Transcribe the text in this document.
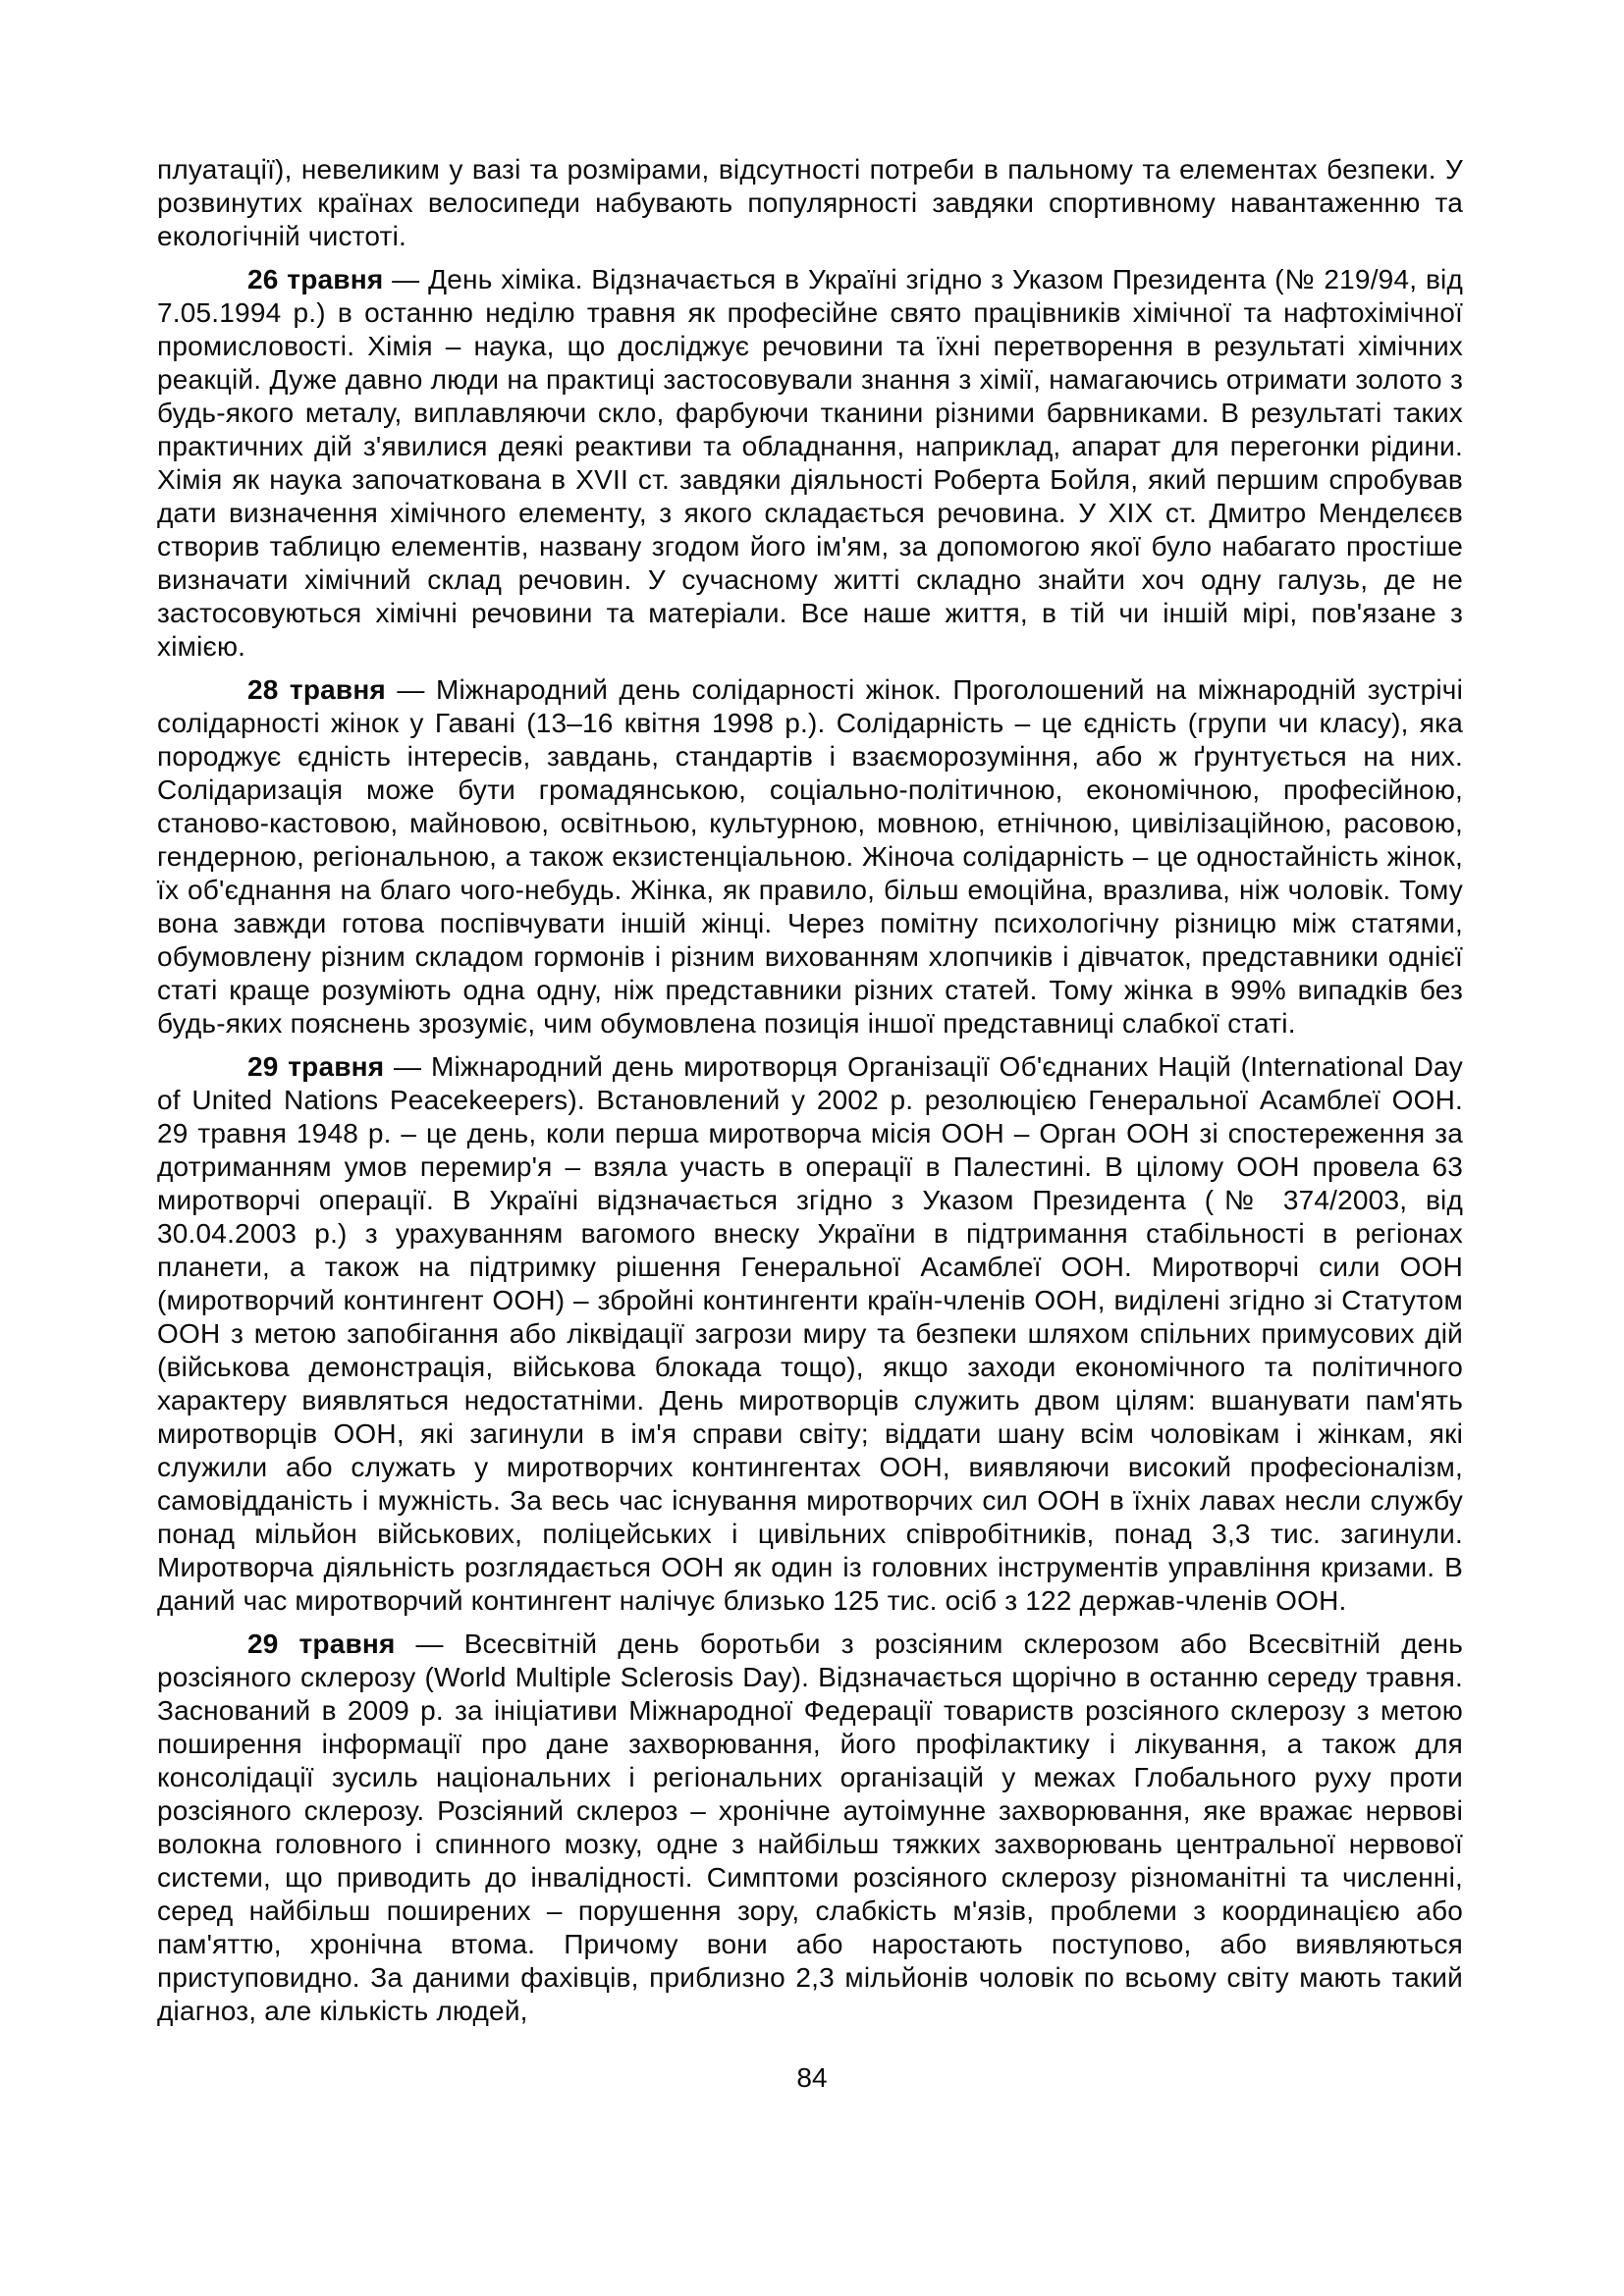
плуатації), невеликим у вазі та розмірами, відсутності потреби в пальному та елементах безпеки. У розвинутих країнах велосипеди набувають популярності завдяки спортивному навантаженню та екологічній чистоті.

26 травня — День хіміка. Відзначається в Україні згідно з Указом Президента (№ 219/94, від 7.05.1994 р.) в останню неділю травня як професійне свято працівників хімічної та нафтохімічної промисловості. Хімія – наука, що досліджує речовини та їхні перетворення в результаті хімічних реакцій. Дуже давно люди на практиці застосовували знання з хімії, намагаючись отримати золото з будь-якого металу, виплавляючи скло, фарбуючи тканини різними барвниками. В результаті таких практичних дій з'явилися деякі реактиви та обладнання, наприклад, апарат для перегонки рідини. Хімія як наука започаткована в XVII ст. завдяки діяльності Роберта Бойля, який першим спробував дати визначення хімічного елементу, з якого складається речовина. У XIX ст. Дмитро Менделєєв створив таблицю елементів, названу згодом його ім'ям, за допомогою якої було набагато простіше визначати хімічний склад речовин. У сучасному житті складно знайти хоч одну галузь, де не застосовуються хімічні речовини та матеріали. Все наше життя, в тій чи іншій мірі, пов'язане з хімією.

28 травня — Міжнародний день солідарності жінок. Проголошений на міжнародній зустрічі солідарності жінок у Гавані (13–16 квітня 1998 р.). Солідарність – це єдність (групи чи класу), яка породжує єдність інтересів, завдань, стандартів і взаєморозуміння, або ж ґрунтується на них. Солідаризація може бути громадянською, соціально-політичною, економічною, професійною, станово-кастовою, майновою, освітньою, культурною, мовною, етнічною, цивілізаційною, расовою, гендерною, регіональною, а також екзистенціальною. Жіноча солідарність – це одностайність жінок, їх об'єднання на благо чого-небудь. Жінка, як правило, більш емоційна, вразлива, ніж чоловік. Тому вона завжди готова поспівчувати іншій жінці. Через помітну психологічну різницю між статями, обумовлену різним складом гормонів і різним вихованням хлопчиків і дівчаток, представники однієї статі краще розуміють одна одну, ніж представники різних статей. Тому жінка в 99% випадків без будь-яких пояснень зрозуміє, чим обумовлена позиція іншої представниці слабкої статі.

29 травня — Міжнародний день миротворця Організації Об'єднаних Націй (International Day of United Nations Peacekeepers). Встановлений у 2002 р. резолюцією Генеральної Асамблеї ООН. 29 травня 1948 р. – це день, коли перша миротворча місія ООН – Орган ООН зі спостереження за дотриманням умов перемир'я – взяла участь в операції в Палестині. В цілому ООН провела 63 миротворчі операції. В Україні відзначається згідно з Указом Президента (№ 374/2003, від 30.04.2003 р.) з урахуванням вагомого внеску України в підтримання стабільності в регіонах планети, а також на підтримку рішення Генеральної Асамблеї ООН. Миротворчі сили ООН (миротворчий контингент ООН) – збройні контингенти країн-членів ООН, виділені згідно зі Статутом ООН з метою запобігання або ліквідації загрози миру та безпеки шляхом спільних примусових дій (військова демонстрація, військова блокада тощо), якщо заходи економічного та політичного характеру виявляться недостатніми. День миротворців служить двом цілям: вшанувати пам'ять миротворців ООН, які загинули в ім'я справи світу; віддати шану всім чоловікам і жінкам, які служили або служать у миротворчих контингентах ООН, виявляючи високий професіоналізм, самовідданість і мужність. За весь час існування миротворчих сил ООН в їхніх лавах несли службу понад мільйон військових, поліцейських і цивільних співробітників, понад 3,3 тис. загинули. Миротворча діяльність розглядається ООН як один із головних інструментів управління кризами. В даний час миротворчий контингент налічує близько 125 тис. осіб з 122 держав-членів ООН.

29 травня — Всесвітній день боротьби з розсіяним склерозом або Всесвітній день розсіяного склерозу (World Multiple Sclerosis Day). Відзначається щорічно в останню середу травня. Заснований в 2009 р. за ініціативи Міжнародної Федерації товариств розсіяного склерозу з метою поширення інформації про дане захворювання, його профілактику і лікування, а також для консолідації зусиль національних і регіональних організацій у межах Глобального руху проти розсіяного склерозу. Розсіяний склероз – хронічне аутоімунне захворювання, яке вражає нервові волокна головного і спинного мозку, одне з найбільш тяжких захворювань центральної нервової системи, що приводить до інвалідності. Симптоми розсіяного склерозу різноманітні та численні, серед найбільш поширених – порушення зору, слабкість м'язів, проблеми з координацією або пам'яттю, хронічна втома. Причому вони або наростають поступово, або виявляються приступовидно. За даними фахівців, приблизно 2,3 мільйонів чоловік по всьому світу мають такий діагноз, але кількість людей,

84
